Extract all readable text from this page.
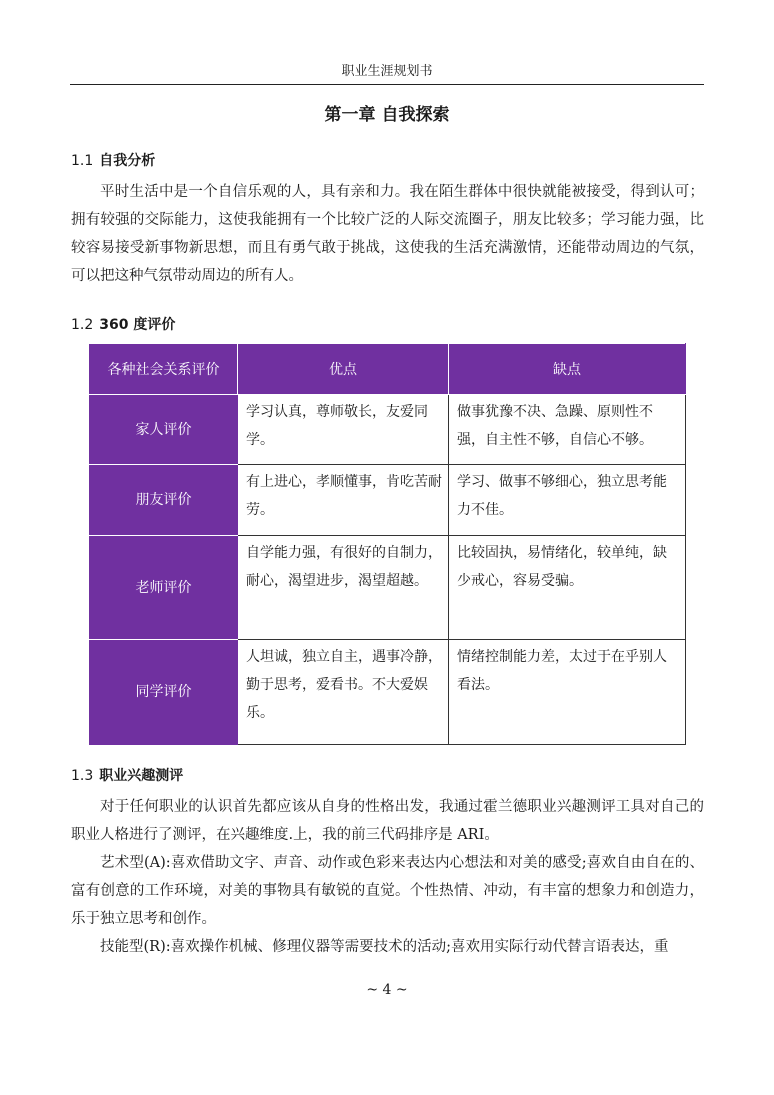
职业生涯规划书
第一章 自我探索
1.1 自我分析

平时生活中是一个自信乐观的人，具有亲和力。我在陌生群体中很快就能被接受，得到认可；拥有较强的交际能力，这使我能拥有一个比较广泛的人际交流圈子，朋友比较多；学习能力强，比较容易接受新事物新思想，而且有勇气敢于挑战，这使我的生活充满激情，还能带动周边的气氛，可以把这种气氛带动周边的所有人。

1.2 360 度评价
各种社会关系评价	优点	缺点
家人评价	学习认真，尊师敬长，友爱同学。	做事犹豫不决、急躁、原则性不强，自主性不够，自信心不够。
朋友评价	有上进心，孝顺懂事，肯吃苦耐劳。	学习、做事不够细心，独立思考能力不佳。
老师评价	自学能力强，有很好的自制力，耐心，渴望进步，渴望超越。	比较固执，易情绪化，较单纯，缺少戒心，容易受骗。
同学评价	人坦诚，独立自主，遇事冷静，勤于思考，爱看书。不大爱娱乐。	情绪控制能力差，太过于在乎别人看法。
1.3 职业兴趣测评

对于任何职业的认识首先都应该从自身的性格出发，我通过霍兰德职业兴趣测评工具对自己的职业人格进行了测评，在兴趣维度.上，我的前三代码排序是 ARI。

艺术型(A):喜欢借助文字、声音、动作或色彩来表达内心想法和对美的感受;喜欢自由自在的、富有创意的工作环境，对美的事物具有敏锐的直觉。个性热情、冲动，有丰富的想象力和创造力，乐于独立思考和创作。

技能型(R):喜欢操作机械、修理仪器等需要技术的活动;喜欢用实际行动代替言语表达，重

~ 4 ~
